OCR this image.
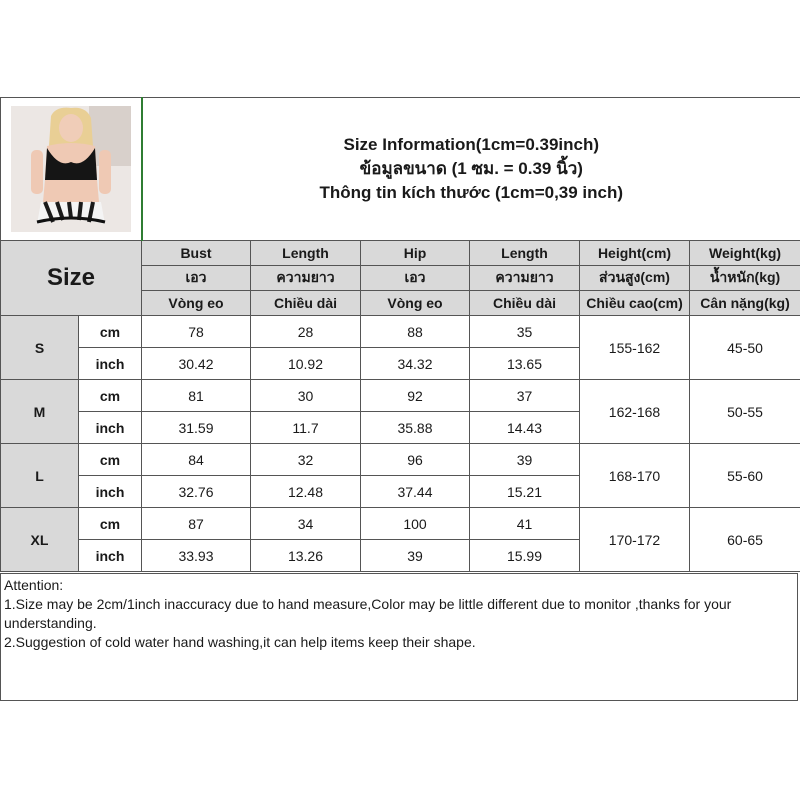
Size Information(1cm=0.39inch)
ข้อมูลขนาด (1 ซม. = 0.39 นิ้ว)
Thông tin kích thước (1cm=0,39 inch)					

Size		Bust	Length	Hip	Length	Height(cm)	Weight(kg)
		เอว	ความยาว	เอว	ความยาว	ส่วนสูง(cm)	น้ำหนัก(kg)
		Vòng eo	Chiều dài	Vòng eo	Chiều dài	Chiều cao(cm)	Cân nặng(kg)
S	cm	78	28	88	35	155-162	45-50
	inch	30.42	10.92	34.32	13.65		
M	cm	81	30	92	37	162-168	50-55
	inch	31.59	11.7	35.88	14.43		
L	cm	84	32	96	39	168-170	55-60
	inch	32.76	12.48	37.44	15.21		
XL	cm	87	34	100	41	170-172	60-65
	inch	33.93	13.26	39	15.99		
Attention:
1.Size may be 2cm/1inch inaccuracy due to hand measure,Color may be little different due to monitor ,thanks for your understanding.
2.Suggestion of cold water hand washing,it can help items keep their shape.
